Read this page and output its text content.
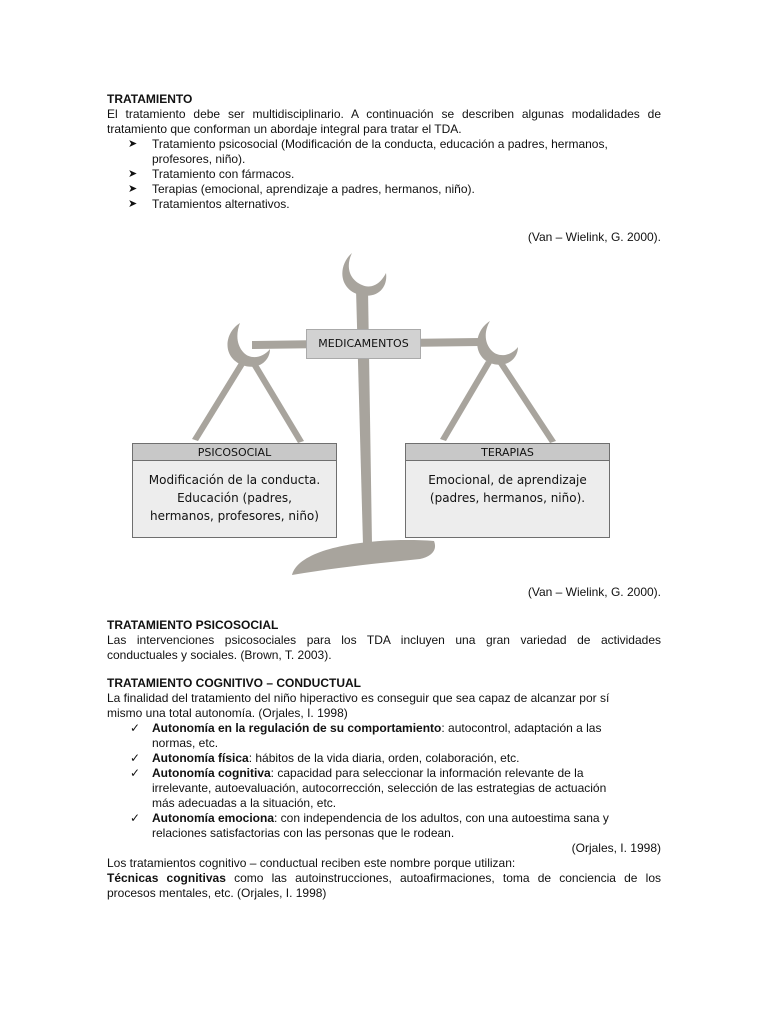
TRATAMIENTO

El tratamiento debe ser multidisciplinario. A continuación se describen algunas modalidades de

tratamiento que conforman un abordaje integral para tratar el TDA.

➤ Tratamiento psicosocial (Modificación de la conducta, educación a padres, hermanos, profesores, niño).
➤ Tratamiento con fármacos.
➤ Terapias (emocional, aprendizaje a padres, hermanos, niño).
➤ Tratamientos alternativos.

(Van – Wielink, G. 2000).

MEDICAMENTOS
PSICOSOCIAL
Modificación de la conducta. Educación (padres, hermanos, profesores, niño)
TERAPIAS
Emocional, de aprendizaje (padres, hermanos, niño).

(Van – Wielink, G. 2000).

TRATAMIENTO PSICOSOCIAL

Las intervenciones psicosociales para los TDA incluyen una gran variedad de actividades

conductuales y sociales. (Brown, T. 2003).

TRATAMIENTO COGNITIVO – CONDUCTUAL

La finalidad del tratamiento del niño hiperactivo es conseguir que sea capaz de alcanzar por sí

mismo una total autonomía. (Orjales, I. 1998)

✓ Autonomía en la regulación de su comportamiento: autocontrol, adaptación a las normas, etc.
✓ Autonomía física: hábitos de la vida diaria, orden, colaboración, etc.
✓ Autonomía cognitiva: capacidad para seleccionar la información relevante de la irrelevante, autoevaluación, autocorrección, selección de las estrategias de actuación más adecuadas a la situación, etc.
✓ Autonomía emociona: con independencia de los adultos, con una autoestima sana y relaciones satisfactorias con las personas que le rodean.

(Orjales, I. 1998)

Los tratamientos cognitivo – conductual reciben este nombre porque utilizan:

Técnicas cognitivas como las autoinstrucciones, autoafirmaciones, toma de conciencia de los

procesos mentales, etc. (Orjales, I. 1998)
